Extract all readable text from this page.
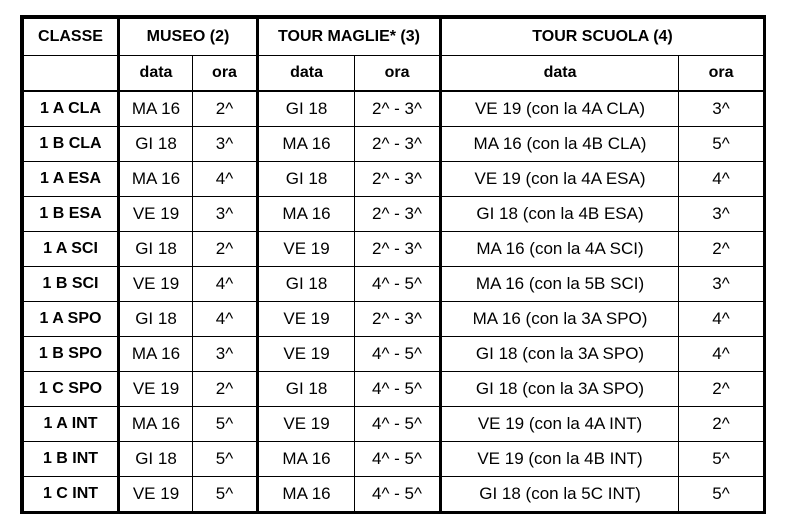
CLASSE	MUSEO (2)		TOUR MAGLIE* (3)		TOUR SCUOLA (4)	
	data	ora	data	ora	data	ora
1 A CLA	MA 16	2^	GI 18	2^ - 3^	VE 19 (con la 4A CLA)	3^
1 B CLA	GI 18	3^	MA 16	2^ - 3^	MA 16 (con la 4B CLA)	5^
1 A ESA	MA 16	4^	GI 18	2^ - 3^	VE 19 (con la 4A ESA)	4^
1 B ESA	VE 19	3^	MA 16	2^ - 3^	GI 18 (con la 4B ESA)	3^
1 A SCI	GI 18	2^	VE 19	2^ - 3^	MA 16 (con la 4A SCI)	2^
1 B SCI	VE 19	4^	GI 18	4^ - 5^	MA 16 (con la 5B SCI)	3^
1 A SPO	GI 18	4^	VE 19	2^ - 3^	MA 16 (con la 3A SPO)	4^
1 B SPO	MA 16	3^	VE 19	4^ - 5^	GI 18 (con la 3A SPO)	4^
1 C SPO	VE 19	2^	GI 18	4^ - 5^	GI 18 (con la 3A SPO)	2^
1 A INT	MA 16	5^	VE 19	4^ - 5^	VE 19 (con la 4A INT)	2^
1 B INT	GI 18	5^	MA 16	4^ - 5^	VE 19 (con la 4B INT)	5^
1 C INT	VE 19	5^	MA 16	4^ - 5^	GI 18 (con la 5C INT)	5^
